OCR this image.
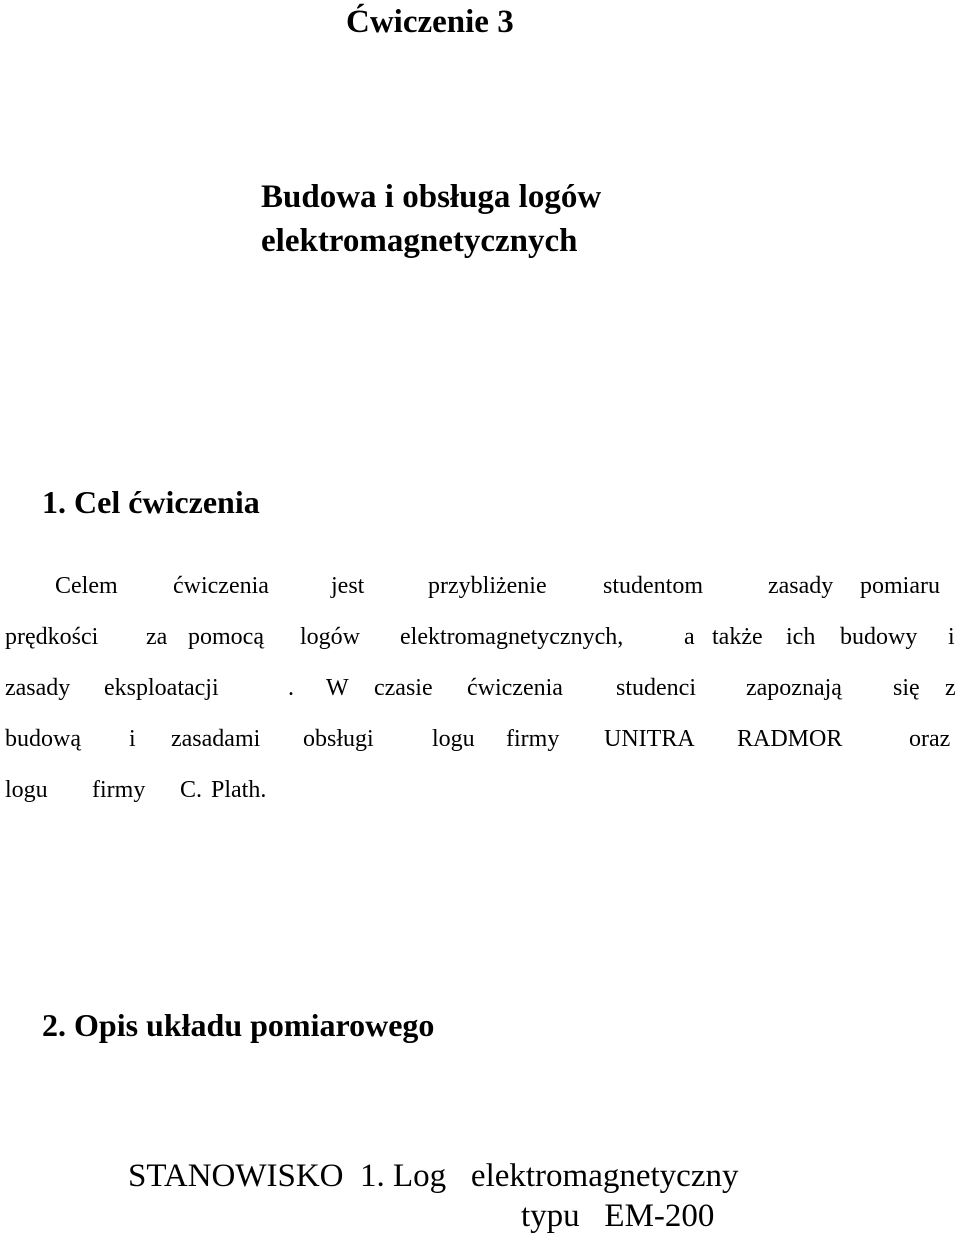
Ćwiczenie 3
Budowa i obsługa logów
elektromagnetycznych
1. Cel ćwiczenia
Celem ćwiczenia	jest	przybliżenie studentom	zasady pomiaru
prędkości za pomocą logów elektromagnetycznych,	a także ich budowy i
zasady eksploatacji	. W czasie ćwiczenia studenci zapoznają się z
budową i zasadami obsługi logu firmy UNITRA RADMOR	oraz
logu firmy C. Plath.
2. Opis układu pomiarowego
STANOWISKO  1. Log   elektromagnetyczny
typu   EM-200
